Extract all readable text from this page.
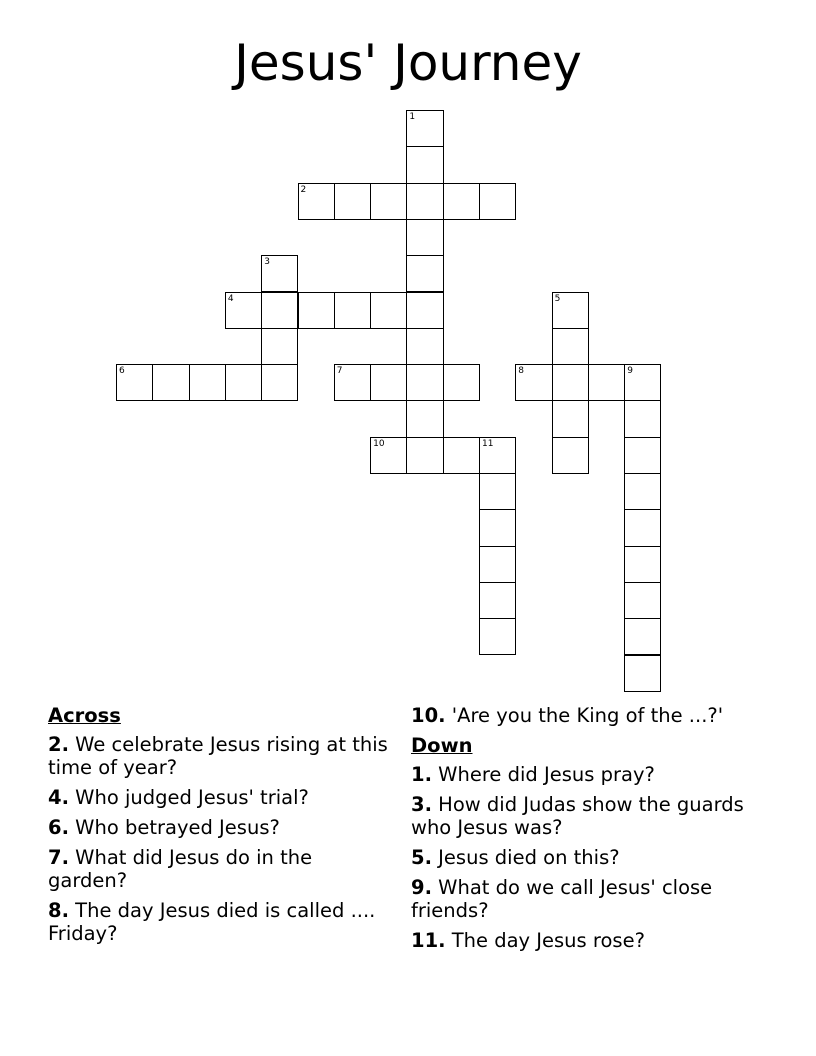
Jesus' Journey
1
2
3
4	5
6	7	8	9
10	11
Across
2. We celebrate Jesus rising at this time of year?
4. Who judged Jesus' trial?
6. Who betrayed Jesus?
7. What did Jesus do in the garden?
8. The day Jesus died is called .... Friday?
10. 'Are you the King of the ...?'
Down
1. Where did Jesus pray?
3. How did Judas show the guards who Jesus was?
5. Jesus died on this?
9. What do we call Jesus' close friends?
11. The day Jesus rose?
